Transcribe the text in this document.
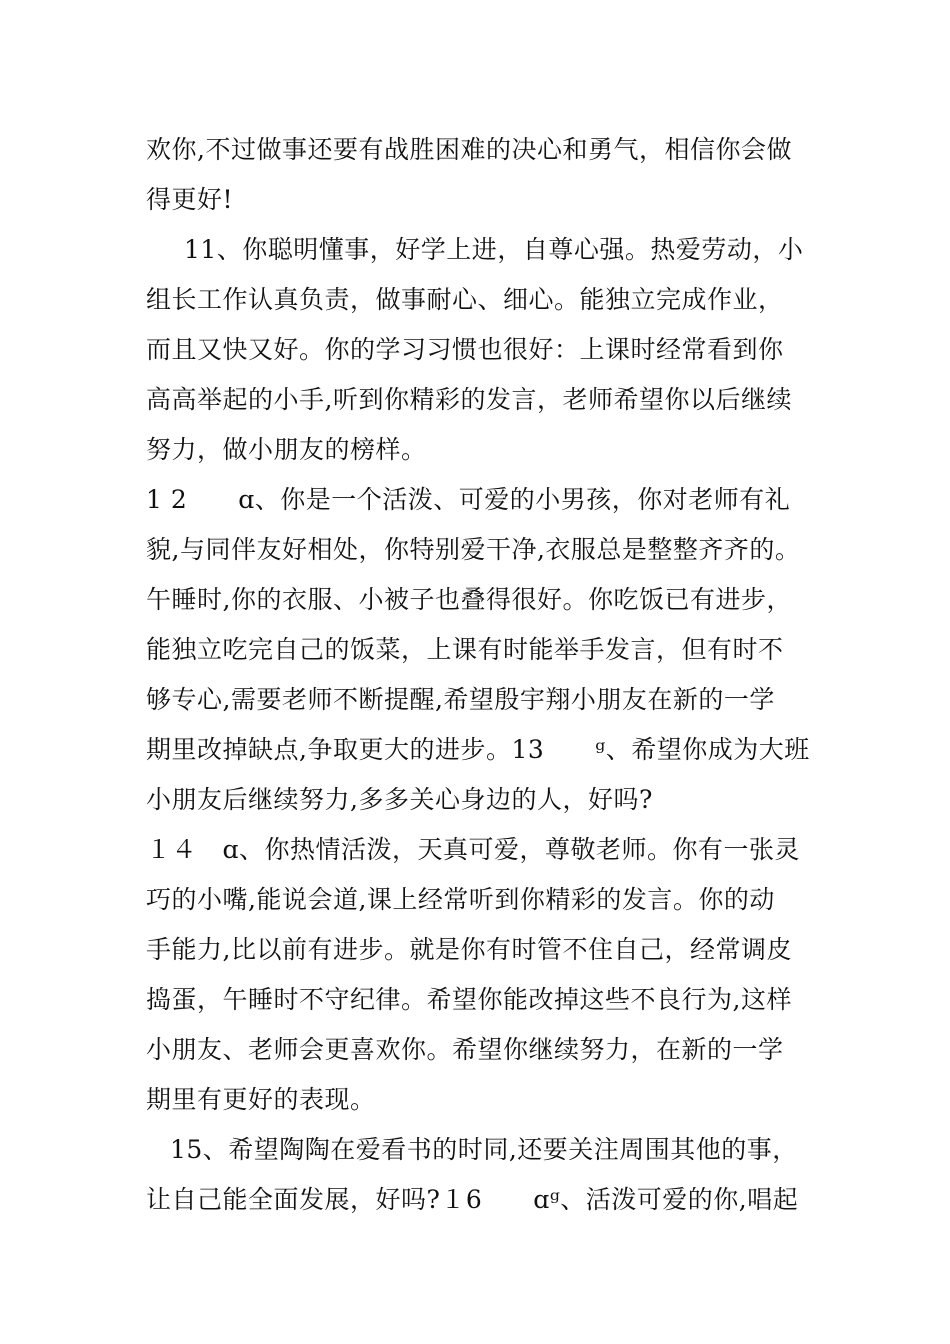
欢你,不过做事还要有战胜困难的决心和勇气，相信你会做
得更好!
11、你聪明懂事，好学上进，自尊心强。热爱劳动，小
组长工作认真负责，做事耐心、细心。能独立完成作业，
而且又快又好。你的学习习惯也很好：上课时经常看到你
高高举起的小手,听到你精彩的发言，老师希望你以后继续
努力，做小朋友的榜样。
1 2　　ɑ、你是一个活泼、可爱的小男孩，你对老师有礼
貌,与同伴友好相处，你特别爱干净,衣服总是整整齐齐的。
午睡时,你的衣服、小被子也叠得很好。你吃饭已有进步，
能独立吃完自己的饭菜，上课有时能举手发言，但有时不
够专心,需要老师不断提醒,希望殷宇翔小朋友在新的一学
期里改掉缺点,争取更大的进步。13　　ᵍ、希望你成为大班
小朋友后继续努力,多多关心身边的人，好吗?
１４　ɑ、你热情活泼，天真可爱，尊敬老师。你有一张灵
巧的小嘴,能说会道,课上经常听到你精彩的发言。你的动
手能力,比以前有进步。就是你有时管不住自己，经常调皮
捣蛋，午睡时不守纪律。希望你能改掉这些不良行为,这样
小朋友、老师会更喜欢你。希望你继续努力，在新的一学
期里有更好的表现。
15、希望陶陶在爱看书的时同,还要关注周围其他的事，
让自己能全面发展，好吗?１6　　ɑᵍ、活泼可爱的你,唱起
